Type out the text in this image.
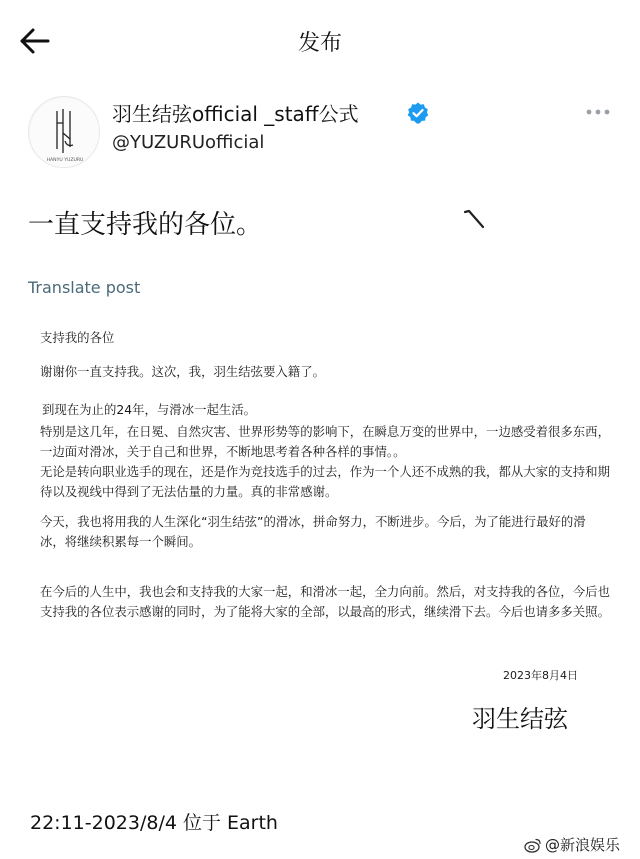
发布
HANYU YUZURU
羽生结弦official _staff公式
@YUZURUofficial
一直支持我的各位。
Translate post

支持我的各位

谢谢你一直支持我。这次，我，羽生结弦要入籍了。

到现在为止的24年，与滑冰一起生活。

特别是这几年，在日冕、自然灾害、世界形势等的影响下，在瞬息万变的世界中，一边感受着很多东西，一边面对滑冰，关于自己和世界，不断地思考着各种各样的事情。。

无论是转向职业选手的现在，还是作为竞技选手的过去，作为一个人还不成熟的我，都从大家的支持和期待以及视线中得到了无法估量的力量。真的非常感谢。

今天，我也将用我的人生深化“羽生结弦”的滑冰，拼命努力，不断进步。今后，为了能进行最好的滑冰，将继续积累每一个瞬间。

在今后的人生中，我也会和支持我的大家一起，和滑冰一起，全力向前。然后，对支持我的各位，今后也支持我的各位表示感谢的同时，为了能将大家的全部，以最高的形式，继续滑下去。今后也请多多关照。

2023年8月4日

羽生结弦

22:11-2023/8/4 位于 Earth
@新浪娱乐
